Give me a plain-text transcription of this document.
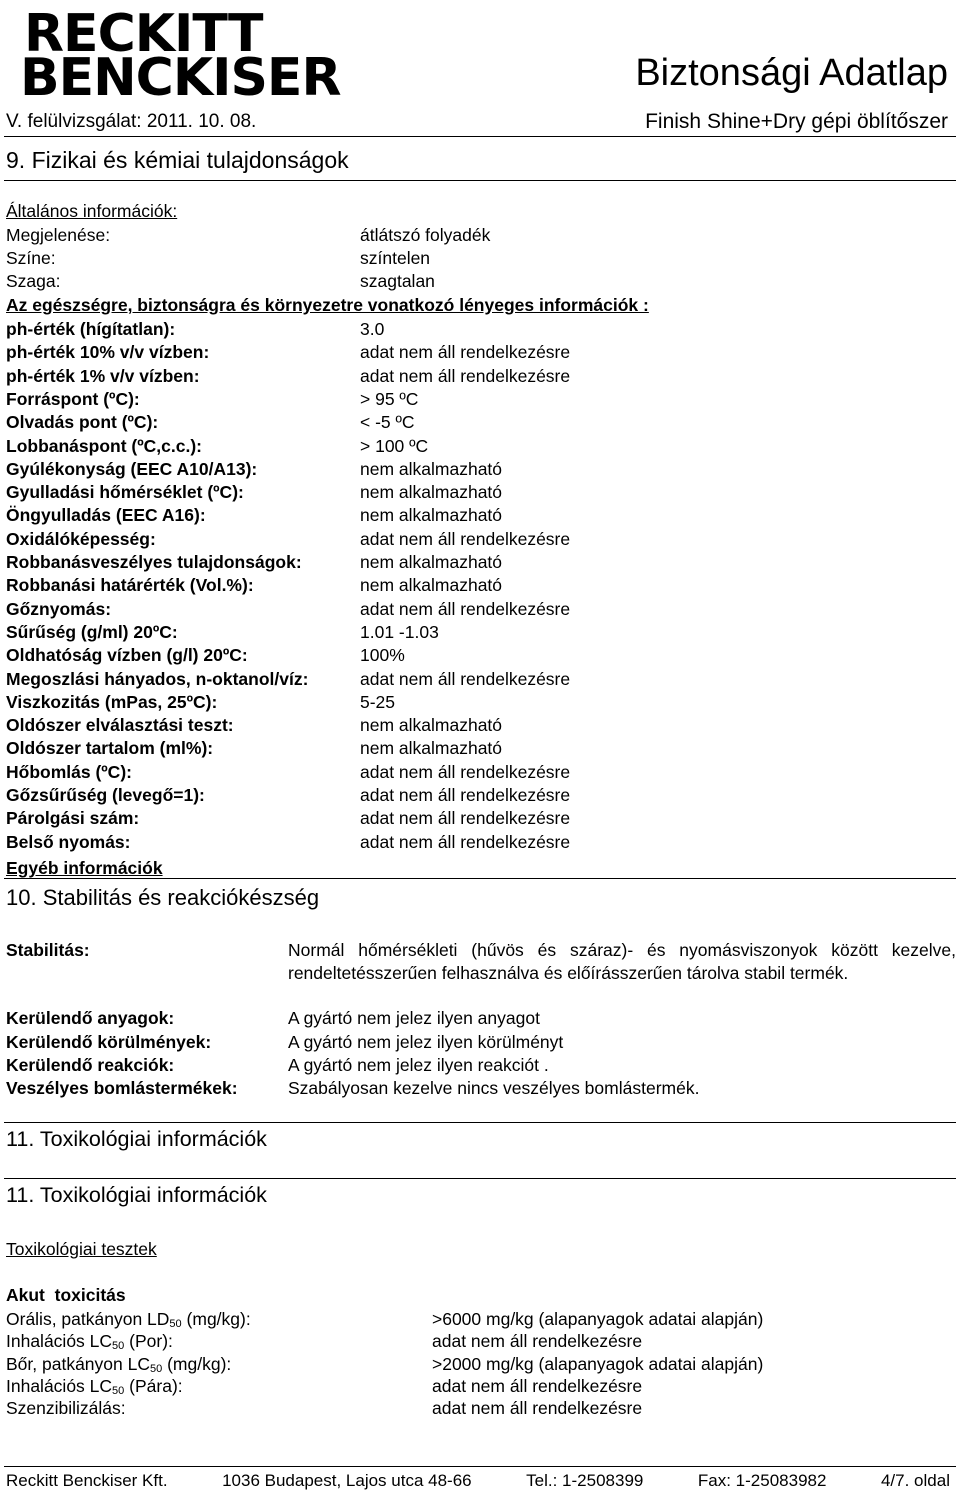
RECKITT
BENCKISER	Biztonsági Adatlap
V. felülvizsgálat: 2011. 10. 08.	Finish Shine+Dry gépi öblítőszer
9. Fizikai és kémiai tulajdonságok
Általános információk:
Megjelenése:	átlátszó folyadék
Színe:	színtelen
Szaga:	szagtalan
Az egészségre, biztonságra és környezetre vonatkozó lényeges információk :
ph-érték (hígítatlan):	3.0
ph-érték 10% v/v vízben:	adat nem áll rendelkezésre
ph-érték 1% v/v vízben:	adat nem áll rendelkezésre
Forráspont (ºC):	> 95 ºC
Olvadás pont (ºC):	< -5 ºC
Lobbanáspont (ºC,c.c.):	> 100 ºC
Gyúlékonyság (EEC A10/A13):	nem alkalmazható
Gyulladási hőmérséklet (ºC):	nem alkalmazható
Öngyulladás (EEC A16):	nem alkalmazható
Oxidálóképesség:	adat nem áll rendelkezésre
Robbanásveszélyes tulajdonságok:	nem alkalmazható
Robbanási határérték (Vol.%):	nem alkalmazható
Gőznyomás:	adat nem áll rendelkezésre
Sűrűség (g/ml) 20ºC:	1.01 -1.03
Oldhatóság vízben (g/l) 20ºC:	100%
Megoszlási hányados, n-oktanol/víz:	adat nem áll rendelkezésre
Viszkozitás (mPas, 25ºC):	5-25
Oldószer elválasztási teszt:	nem alkalmazható
Oldószer tartalom (ml%):	nem alkalmazható
Hőbomlás (ºC):	adat nem áll rendelkezésre
Gőzsűrűség (levegő=1):	adat nem áll rendelkezésre
Párolgási szám:	adat nem áll rendelkezésre
Belső nyomás:	adat nem áll rendelkezésre
Egyéb információk
10. Stabilitás és reakciókészség
Stabilitás:	Normál hőmérsékleti (hűvös és száraz)- és nyomásviszonyok között kezelve, rendeltetésszerűen felhasználva és előírásszerűen tárolva stabil termék.
Kerülendő anyagok:	A gyártó nem jelez ilyen anyagot
Kerülendő körülmények:	A gyártó nem jelez ilyen körülményt
Kerülendő reakciók:	A gyártó nem jelez ilyen reakciót .
Veszélyes bomlástermékek:	Szabályosan kezelve nincs veszélyes bomlástermék.
11. Toxikológiai információk
11. Toxikológiai információk
Toxikológiai tesztek
Akut  toxicitás
Orális, patkányon $LD_{50}$ (mg/kg):	>6000 mg/kg (alapanyagok adatai alapján)
Inhalációs $LC_{50}$ (Por):	adat nem áll rendelkezésre
Bőr, patkányon $LC_{50}$ (mg/kg):	>2000 mg/kg (alapanyagok adatai alapján)
Inhalációs $LC_{50}$ (Pára):	adat nem áll rendelkezésre
Szenzibilizálás:	adat nem áll rendelkezésre
Reckitt Benckiser Kft.	1036 Budapest, Lajos utca 48-66	Tel.: 1-2508399	Fax: 1-25083982	4/7. oldal
